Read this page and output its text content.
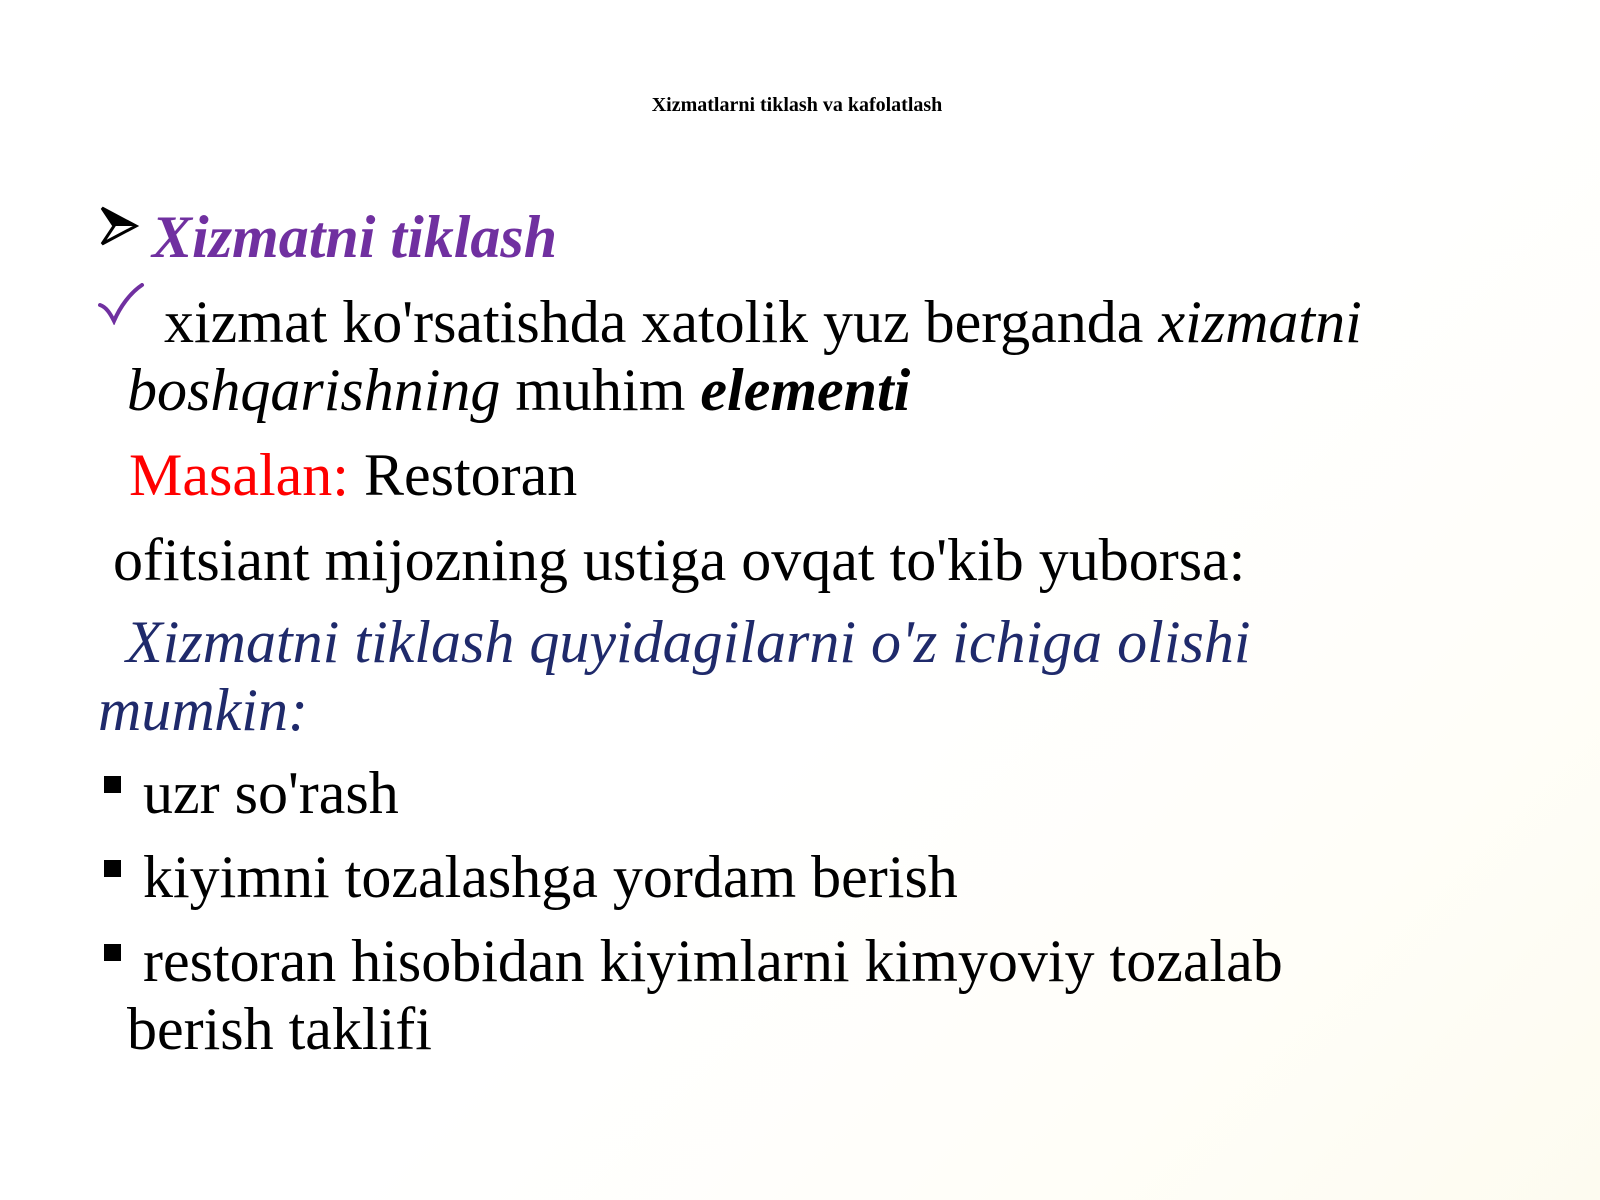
Xizmatlarni tiklash va kafolatlash
Xizmatni tiklash
xizmat ko'rsatishda xatolik yuz berganda xizmatni
boshqarishning muhim elementi
Masalan: Restoran
ofitsiant mijozning ustiga ovqat to'kib yuborsa:
Xizmatni tiklash quyidagilarni o'z ichiga olishi
mumkin:
uzr so'rash
kiyimni tozalashga yordam berish
restoran hisobidan kiyimlarni kimyoviy tozalab
berish taklifi
